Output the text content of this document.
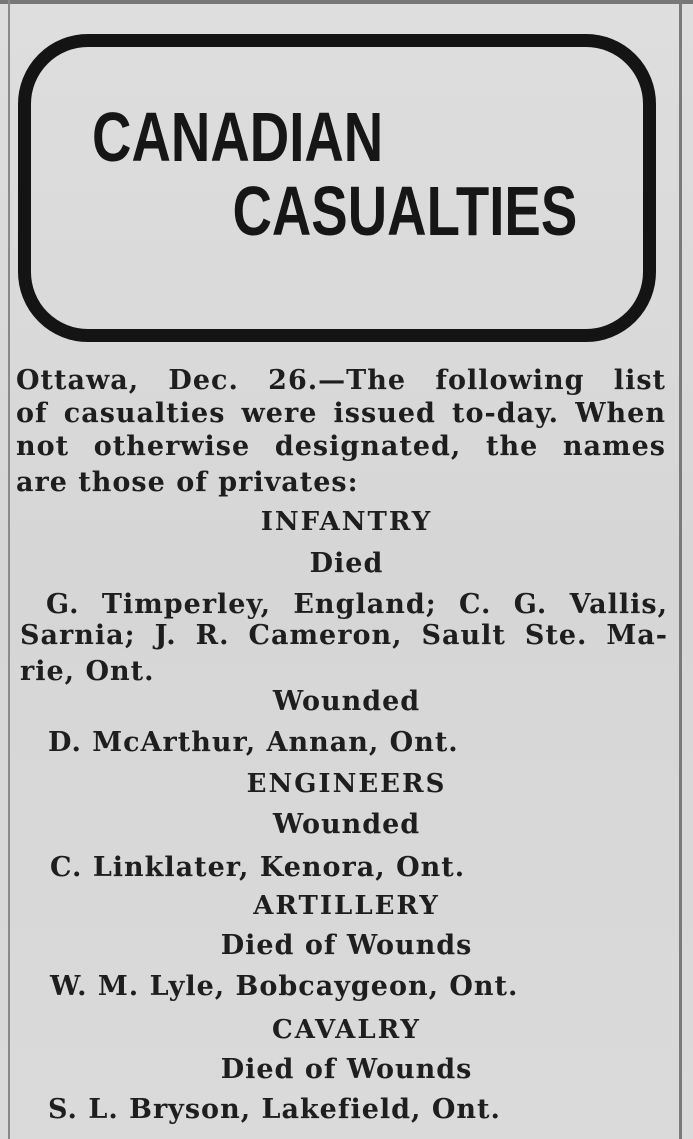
CANADIAN
CASUALTIES
Ottawa, Dec. 26.—The following list
of casualties were issued to-day. When
not otherwise designated, the names
are those of privates:
INFANTRY
Died
G. Timperley, England; C. G. Vallis,
Sarnia; J. R. Cameron, Sault Ste. Ma-
rie, Ont.
Wounded
D. McArthur, Annan, Ont.
ENGINEERS
Wounded
C. Linklater, Kenora, Ont.
ARTILLERY
Died of Wounds
W. M. Lyle, Bobcaygeon, Ont.
CAVALRY
Died of Wounds
S. L. Bryson, Lakefield, Ont.
